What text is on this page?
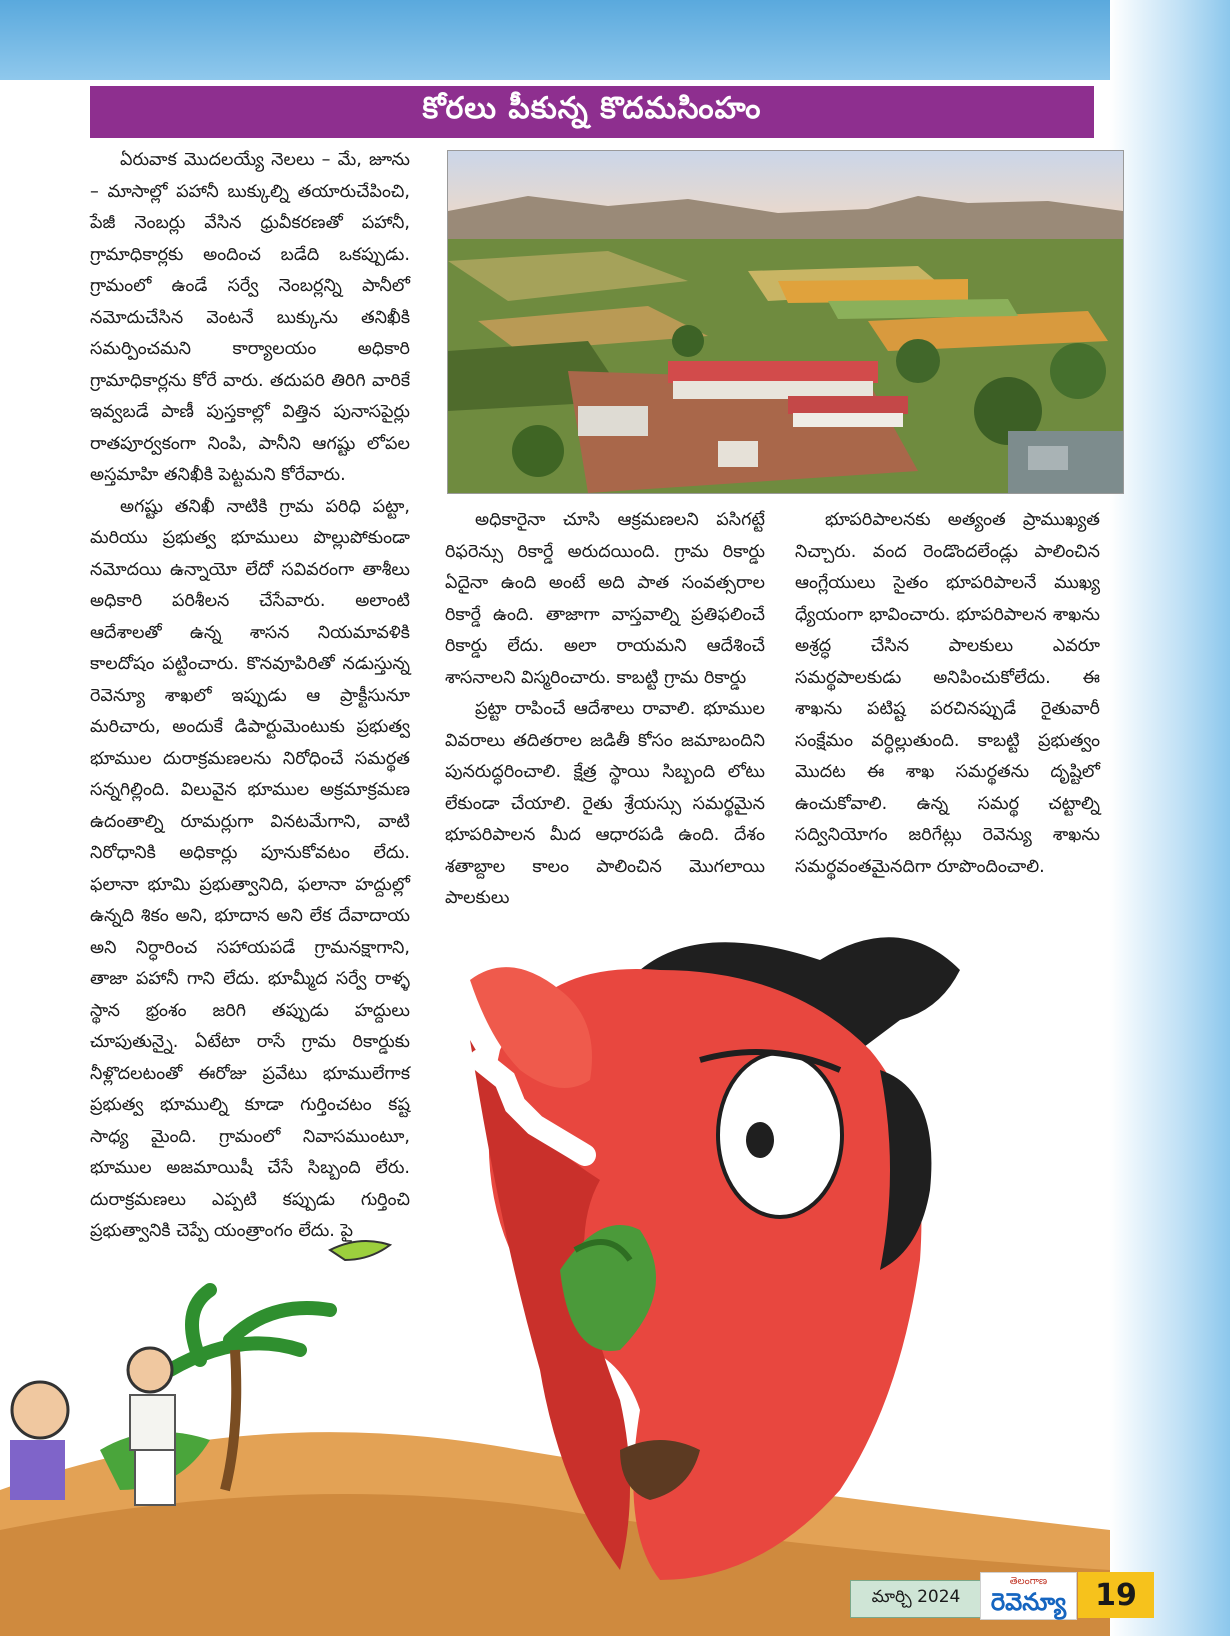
కోరలు పీకున్న కొదమసింహం

ఏరువాక మొదలయ్యే నెలలు – మే, జూను – మాసాల్లో పహానీ బుక్కుల్ని తయారుచేపించి, పేజీ నెంబర్లు వేసిన ధ్రువీకరణతో పహానీ, గ్రామాధికార్లకు అందించ బడేది ఒకప్పుడు. గ్రామంలో ఉండే సర్వే నెంబర్లన్ని పానీలో నమోదుచేసిన వెంటనే బుక్కును తనిఖీకి సమర్పించమని కార్యాలయం అధికారి గ్రామాధికార్లను కోరే వారు. తదుపరి తిరిగి వారికే ఇవ్వబడే పాణీ పుస్తకాల్లో విత్తిన పునాసపైర్లు రాతపూర్వకంగా నింపి, పానీని ఆగష్టు లోపల అస్తమాహి తనిఖీకి పెట్టమని కోరేవారు.

అగష్టు తనిఖీ నాటికి గ్రామ పరిధి పట్టా, మరియు ప్రభుత్వ భూములు పొల్లుపోకుండా నమోదయి ఉన్నాయో లేదో సవివరంగా తాశీలు అధికారి పరిశీలన చేసేవారు. అలాంటి ఆదేశాలతో ఉన్న శాసన నియమావళికి కాలదోషం పట్టించారు. కొనవూపిరితో నడుస్తున్న రెవెన్యూ శాఖలో ఇప్పుడు ఆ ప్రాక్టీసునూ మరిచారు, అందుకే డిపార్టుమెంటుకు ప్రభుత్వ భూముల దురాక్రమణలను నిరోధించే సమర్థత సన్నగిల్లింది. విలువైన భూముల అక్రమాక్రమణ ఉదంతాల్ని రూమర్లుగా వినటమేగాని, వాటి నిరోధానికి అధికార్లు పూనుకోవటం లేదు. ఫలానా భూమి ప్రభుత్వానిది, ఫలానా హద్దుల్లో ఉన్నది శికం అని, భూదాన అని లేక దేవాదాయ అని నిర్ధారించ సహాయపడే గ్రామనక్షాగాని, తాజా పహానీ గాని లేదు. భూమ్మీద సర్వే రాళ్ళ స్థాన భ్రంశం జరిగి తప్పుడు హద్దులు చూపుతున్నై. ఏటేటా రాసే గ్రామ రికార్డుకు నీళ్లొదలటంతో ఈరోజు ప్రవేటు భూములేగాక ప్రభుత్వ భూముల్ని కూడా గుర్తించటం కష్ట సాధ్య మైంది. గ్రామంలో నివాసముంటూ, భూముల అజమాయిషీ చేసే సిబ్బంది లేరు. దురాక్రమణలు ఎప్పటి కప్పుడు గుర్తించి ప్రభుత్వానికి చెప్పే యంత్రాంగం లేదు. పై

అధికారైనా చూసి ఆక్రమణలని పసిగట్టే రిఫరెన్సు రికార్డే అరుదయింది. గ్రామ రికార్డు ఏదైనా ఉంది అంటే అది పాత సంవత్సరాల రికార్డే ఉంది. తాజాగా వాస్తవాల్ని ప్రతిఫలించే రికార్డు లేదు. అలా రాయమని ఆదేశించే శాసనాలని విస్మరించారు. కాబట్టి గ్రామ రికార్డు

ప్రట్టా రాపించే ఆదేశాలు రావాలి. భూముల వివరాలు తదితరాల జడితీ కోసం జమాబందిని పునరుద్ధరించాలి. క్షేత్ర స్థాయి సిబ్బంది లోటు లేకుండా చేయాలి. రైతు శ్రేయస్సు సమర్థమైన భూపరిపాలన మీద ఆధారపడి ఉంది. దేశం శతాబ్దాల కాలం పాలించిన మొగలాయి పాలకులు

భూపరిపాలనకు అత్యంత ప్రాముఖ్యత నిచ్చారు. వంద రెండొందలేండ్లు పాలించిన ఆంగ్లేయులు సైతం భూపరిపాలనే ముఖ్య ధ్యేయంగా భావించారు. భూపరిపాలన శాఖను అశ్రద్ధ చేసిన పాలకులు ఎవరూ సమర్థపాలకుడు అనిపించుకోలేదు. ఈ శాఖను పటిష్ట పరచినప్పుడే రైతువారీ సంక్షేమం వర్ధిల్లుతుంది. కాబట్టి ప్రభుత్వం మొదట ఈ శాఖ సమర్థతను దృష్టిలో ఉంచుకోవాలి. ఉన్న సమర్థ చట్టాల్ని సద్వినియోగం జరిగేట్లు రెవెన్యు శాఖను సమర్థవంతమైనదిగా రూపొందించాలి.

మార్చి 2024
తెలంగాణ
రెవెన్యూ 19
